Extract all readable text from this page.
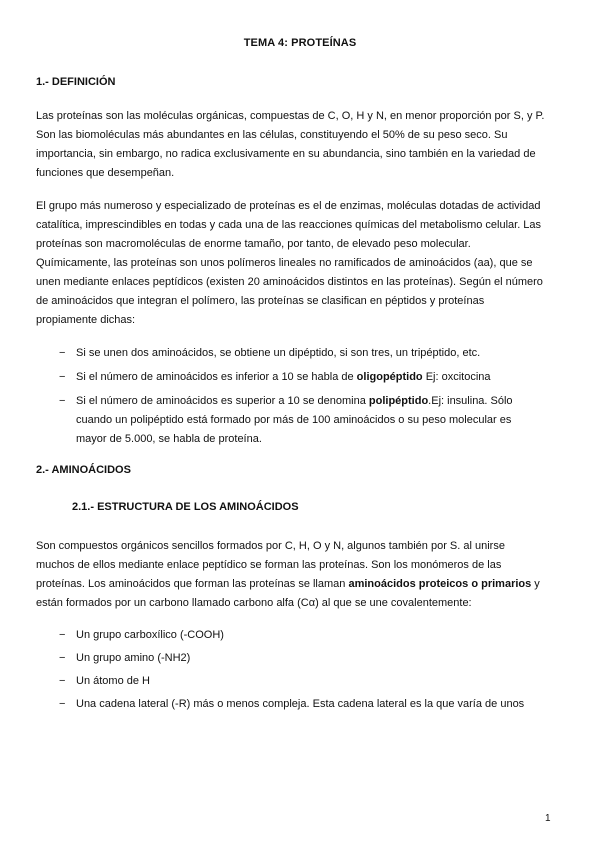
TEMA 4: PROTEÍNAS
1.- DEFINICIÓN

Las proteínas son las moléculas orgánicas, compuestas de C, O, H y N, en menor proporción por S, y P.

Son las biomoléculas más abundantes en las células, constituyendo el 50% de su peso seco. Su

importancia, sin embargo, no radica exclusivamente en su abundancia, sino también en la variedad de

funciones que desempeñan.

El grupo más numeroso y especializado de proteínas es el de enzimas, moléculas dotadas de actividad

catalítica, imprescindibles en todas y cada una de las reacciones químicas del metabolismo celular. Las

proteínas son macromoléculas de enorme tamaño, por tanto, de elevado peso molecular.

Químicamente, las proteínas son unos polímeros lineales no ramificados de aminoácidos (aa), que se

unen mediante enlaces peptídicos (existen 20 aminoácidos distintos en las proteínas). Según el número

de aminoácidos que integran el polímero, las proteínas se clasifican en péptidos y proteínas

propiamente dichas:

− Si se unen dos aminoácidos, se obtiene un dipéptido, si son tres, un tripéptido, etc.
− Si el número de aminoácidos es inferior a 10 se habla de oligopéptido Ej: oxcitocina
− Si el número de aminoácidos es superior a 10 se denomina polipéptido.Ej: insulina. Sólo
cuando un polipéptido está formado por más de 100 aminoácidos o su peso molecular es
mayor de 5.000, se habla de proteína.
2.- AMINOÁCIDOS
2.1.- ESTRUCTURA DE LOS AMINOÁCIDOS

Son compuestos orgánicos sencillos formados por C, H, O y N, algunos también por S. al unirse

muchos de ellos mediante enlace peptídico se forman las proteínas. Son los monómeros de las

proteínas. Los aminoácidos que forman las proteínas se llaman aminoácidos proteicos o primarios y

están formados por un carbono llamado carbono alfa (Cα) al que se une covalentemente:

− Un grupo carboxílico (-COOH)
− Un grupo amino (-NH2)
− Un átomo de H
− Una cadena lateral (-R) más o menos compleja. Esta cadena lateral es la que varía de unos
1
